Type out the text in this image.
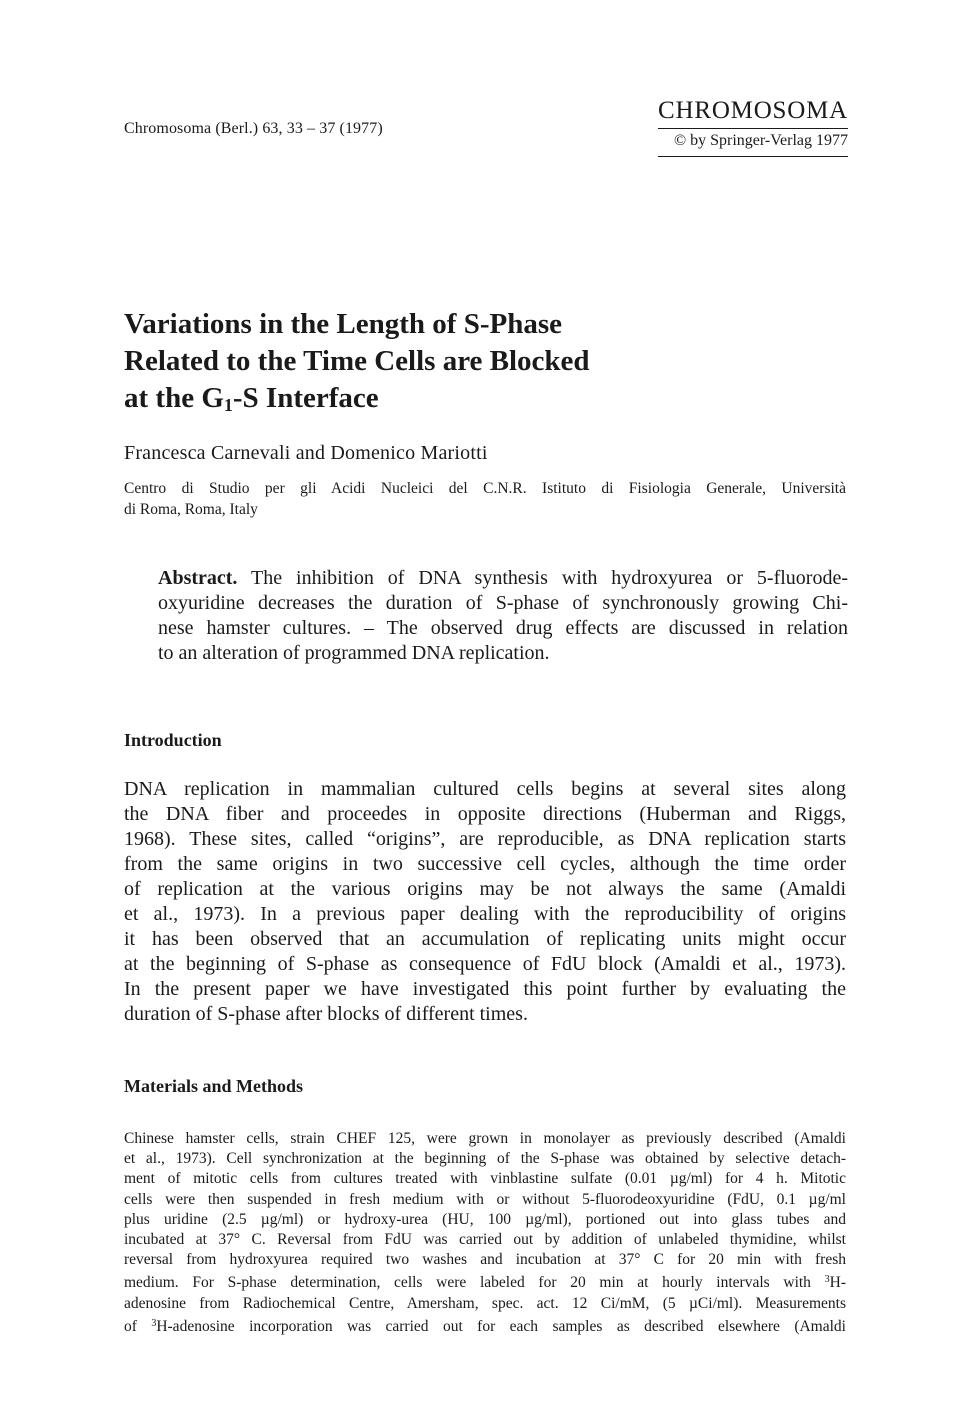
Chromosoma (Berl.) 63, 33 – 37 (1977)
CHROMOSOMA
© by Springer-Verlag 1977
Variations in the Length of S-Phase
Related to the Time Cells are Blocked
at the $G_1-S$ Interface
Francesca Carnevali and Domenico Mariotti
Centro di Studio per gli Acidi Nucleici del C.N.R. Istituto di Fisiologia Generale, Università
di Roma, Roma, Italy
Abstract. The inhibition of DNA synthesis with hydroxyurea or 5-fluorode-
oxyuridine decreases the duration of S-phase of synchronously growing Chi-
nese hamster cultures. – The observed drug effects are discussed in relation
to an alteration of programmed DNA replication.
Introduction
DNA replication in mammalian cultured cells begins at several sites along
the DNA fiber and proceedes in opposite directions (Huberman and Riggs,
1968). These sites, called “origins”, are reproducible, as DNA replication starts
from the same origins in two successive cell cycles, although the time order
of replication at the various origins may be not always the same (Amaldi
et al., 1973). In a previous paper dealing with the reproducibility of origins
it has been observed that an accumulation of replicating units might occur
at the beginning of S-phase as consequence of FdU block (Amaldi et al., 1973).
In the present paper we have investigated this point further by evaluating the
duration of S-phase after blocks of different times.
Materials and Methods
Chinese hamster cells, strain CHEF 125, were grown in monolayer as previously described (Amaldi
et al., 1973). Cell synchronization at the beginning of the S-phase was obtained by selective detach-
ment of mitotic cells from cultures treated with vinblastine sulfate (0.01 µg/ml) for 4 h. Mitotic
cells were then suspended in fresh medium with or without 5-fluorodeoxyuridine (FdU, 0.1 µg/ml
plus uridine (2.5 µg/ml) or hydroxy-urea (HU, 100 µg/ml), portioned out into glass tubes and
incubated at 37° C. Reversal from FdU was carried out by addition of unlabeled thymidine, whilst
reversal from hydroxyurea required two washes and incubation at 37° C for 20 min with fresh
medium. For S-phase determination, cells were labeled for 20 min at hourly intervals with $^3$H-
adenosine from Radiochemical Centre, Amersham, spec. act. 12 Ci/mM, (5 µCi/ml). Measurements
of $^3$H-adenosine incorporation was carried out for each samples as described elsewhere (Amaldi
